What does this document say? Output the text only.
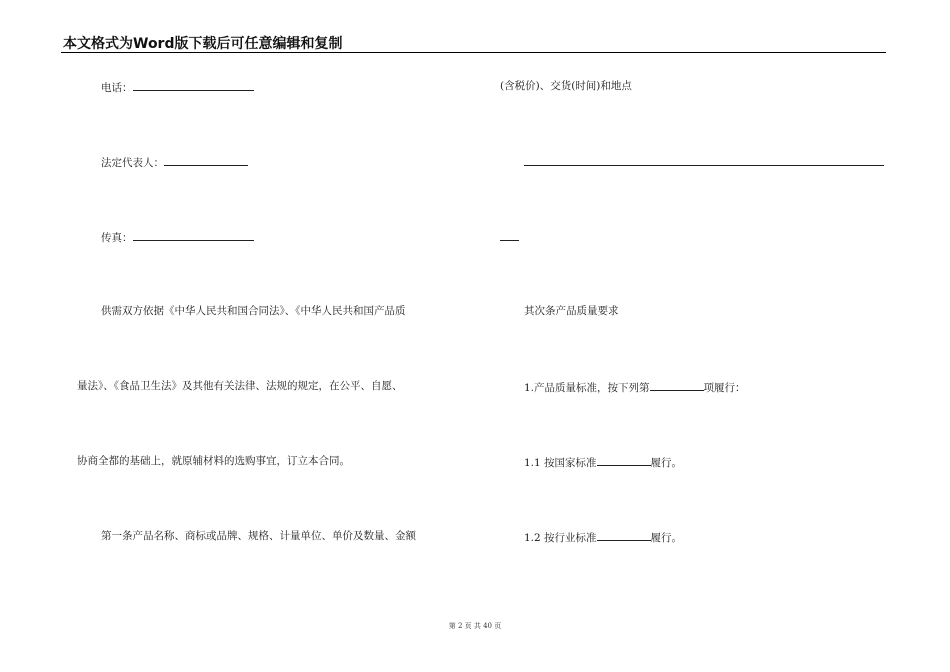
本文格式为Word版下载后可任意编辑和复制
电话：
法定代表人：
传真：
供需双方依据《中华人民共和国合同法》、《中华人民共和国产品质
量法》、《食品卫生法》及其他有关法律、法规的规定，在公平、自愿、
协商全都的基础上，就原辅材料的选购事宜，订立本合同。
第一条产品名称、商标或品牌、规格、计量单位、单价及数量、金额
(含税价)、交货(时间)和地点
其次条产品质量要求
1.产品质量标准，按下列第	项履行：
1.1 按国家标准	履行。
1.2 按行业标准	履行。
第 2 页 共 40 页
